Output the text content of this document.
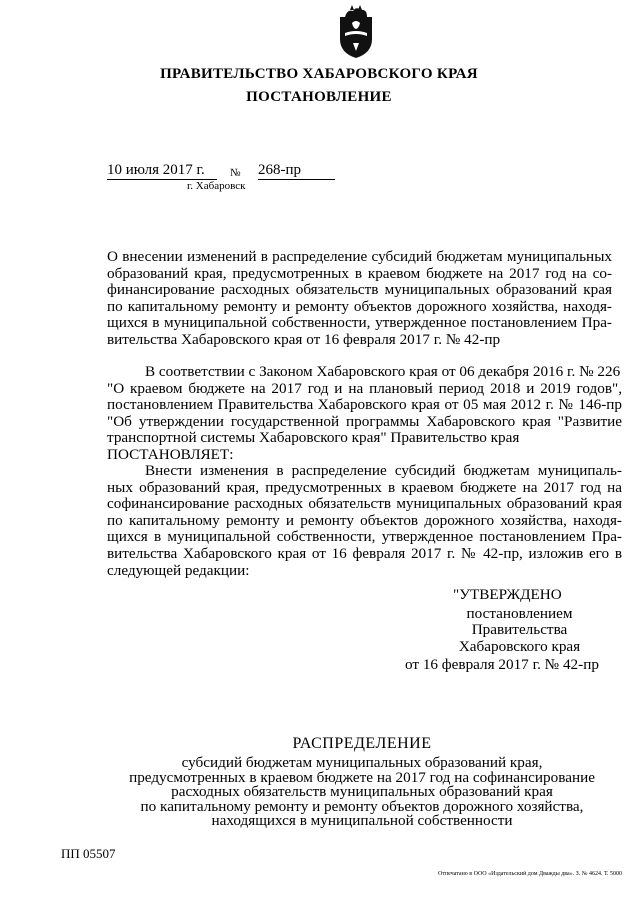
ПРАВИТЕЛЬСТВО ХАБАРОВСКОГО КРАЯ
ПОСТАНОВЛЕНИЕ
10 июля 2017 г.	№ 268-пр
г. Хабаровск
О внесении изменений в распределение субсидий бюджетам муниципальных
образований края, предусмотренных в краевом бюджете на 2017 год на со-
финансирование расходных обязательств муниципальных образований края
по капитальному ремонту и ремонту объектов дорожного хозяйства, находя-
щихся в муниципальной собственности, утвержденное постановлением Пра-
вительства Хабаровского края от 16 февраля 2017 г. № 42-пр
В соответствии с Законом Хабаровского края от 06 декабря 2016 г. № 226
"О краевом бюджете на 2017 год и на плановый период 2018 и 2019 годов",
постановлением Правительства Хабаровского края от 05 мая 2012 г. № 146-пр
"Об утверждении государственной программы Хабаровского края "Развитие
транспортной системы Хабаровского края" Правительство края
ПОСТАНОВЛЯЕТ:
Внести изменения в распределение субсидий бюджетам муниципаль-
ных образований края, предусмотренных в краевом бюджете на 2017 год на
софинансирование расходных обязательств муниципальных образований края
по капитальному ремонту и ремонту объектов дорожного хозяйства, находя-
щихся в муниципальной собственности, утвержденное постановлением Пра-
вительства Хабаровского края от 16 февраля 2017 г. № 42-пр, изложив его в
следующей редакции:
"УТВЕРЖДЕНО
постановлением
Правительства
Хабаровского края
от 16 февраля 2017 г. № 42-пр
РАСПРЕДЕЛЕНИЕ
субсидий бюджетам муниципальных образований края,
предусмотренных в краевом бюджете на 2017 год на софинансирование
расходных обязательств муниципальных образований края
по капитальному ремонту и ремонту объектов дорожного хозяйства,
находящихся в муниципальной собственности
ПП 05507
Отпечатано в ООО «Издательский дом Дважды два». З. № 4624. Т. 5000
